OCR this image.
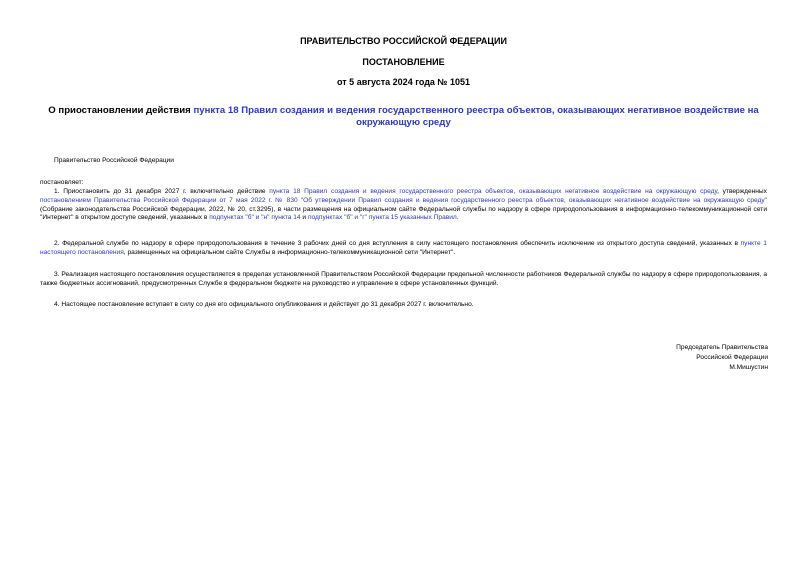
ПРАВИТЕЛЬСТВО РОССИЙСКОЙ ФЕДЕРАЦИИ
ПОСТАНОВЛЕНИЕ
от 5 августа 2024 года № 1051
О приостановлении действия пункта 18 Правил создания и ведения государственного реестра объектов, оказывающих негативное воздействие на окружающую среду
Правительство Российской Федерации
постановляет:
1. Приостановить до 31 декабря 2027 г. включительно действие пункта 18 Правил создания и ведения государственного реестра объектов, оказывающих негативное воздействие на окружающую среду, утвержденных постановлением Правительства Российской Федерации от 7 мая 2022 г. № 830 "Об утверждении Правил создания и ведения государственного реестра объектов, оказывающих негативное воздействие на окружающую среду" (Собрание законодательства Российской Федерации, 2022, № 20, ст.3295), в части размещения на официальном сайте Федеральной службы по надзору в сфере природопользования в информационно-телекоммуникационной сети "Интернет" в открытом доступе сведений, указанных в подпунктах "б" и "н" пункта 14 и подпунктах "б" и "г" пункта 15 указанных Правил.
2. Федеральной службе по надзору в сфере природопользования в течение 3 рабочих дней со дня вступления в силу настоящего постановления обеспечить исключение из открытого доступа сведений, указанных в пункте 1 настоящего постановления, размещенных на официальном сайте Службы в информационно-телекоммуникационной сети "Интернет".
3. Реализация настоящего постановления осуществляется в пределах установленной Правительством Российской Федерации предельной численности работников Федеральной службы по надзору в сфере природопользования, а также бюджетных ассигнований, предусмотренных Службе в федеральном бюджете на руководство и управление в сфере установленных функций.
4. Настоящее постановление вступает в силу со дня его официального опубликования и действует до 31 декабря 2027 г. включительно.
Председатель Правительства
Российской Федерации
М.Мишустин
